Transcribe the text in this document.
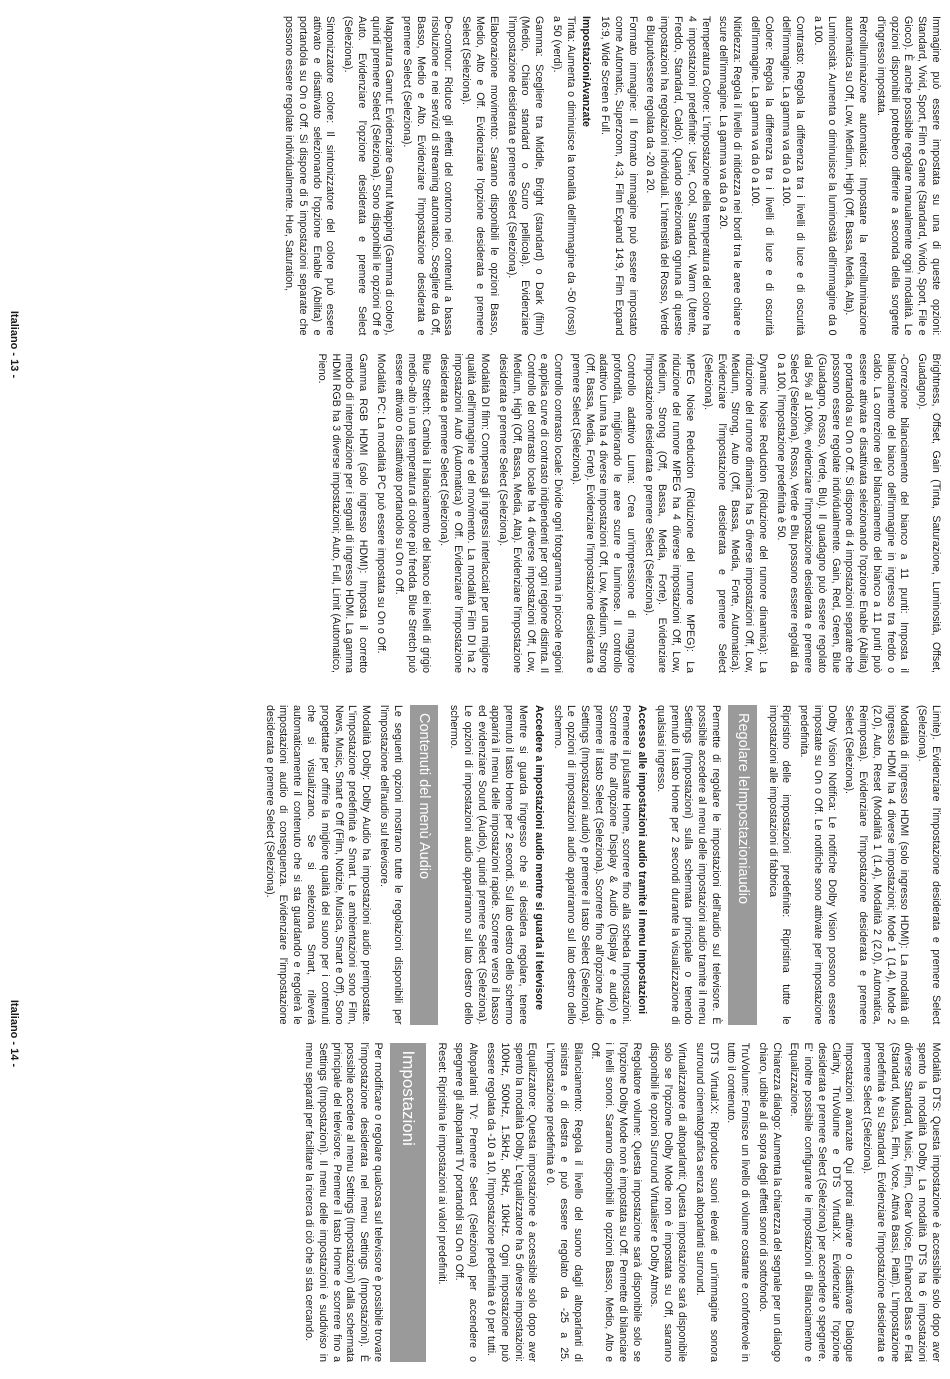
Immagine può essere impostata su una di queste opzioni: Standard, Vivid, Sport, Film e Game (Standard, Vivido, Sport, File e Gioco). È anche possibile regolare manualmente ogni modalità. Le opzioni disponibili potrebbero differire a seconda della sorgente d'ingresso impostata.

Retroilluminazione automatica: Impostare la retroilluminazione automatica su Off, Low, Medium, High (Off, Bassa, Media, Alta).

Luminosità: Aumenta o diminuisce la luminosità dell'immagine da 0 a 100.

Contrasto: Regola la differenza tra i livelli di luce e di oscurità dell'immagine. La gamma va da 0 a 100.

Colore: Regola la differenza tra i livelli di luce e di oscurità dell'immagine. La gamma va da 0 a 100.

Nitidezza: Regola il livello di nitidezza nei bordi tra le aree chiare e scure dell'immagine. La gamma va da 0 a 20.

Temperatura Colore: L'impostazione della temperatura del colore ha 4 impostazioni predefinite: User, Cool, Standard, Warm (Utente, Freddo, Standard, Caldo). Quando selezionata ognuna di queste impostazioni ha regolazioni individuali. L'intensità del Rosso, Verde e Bluputòessere regolata da -20 a 20.

Formato immagine: Il formato immagine può essere impostato come Automatic, Superzoom, 4:3, Film Expand 14:9, Film Expand 16:9, Wide Screen e Full.

ImpostazioniAvanzate

Tinta: Aumenta o diminuisce la tonalità dell'immagine da -50 (rossi) a 50 (verdi).

Gamma: Scegliere tra Middle, Bright (standard) o Dark (film) (Medio, Chiaro standard o Scuro pellicola). Evidenziare l'impostazione desiderata e premere Select (Seleziona).

Elaborazione movimento: Saranno disponibili le opzioni Basso, Medio, Alto e Off. Evidenziare l'opzione desiderata e premere Select (Seleziona).

De-contour: Riduce gli effetti del contorno nei contenuti a bassa risoluzione e nei servizi di streaming automatico. Scegliere da Off, Basso, Medio e Alto. Evidenziare l'impostazione desiderata e premere Select (Seleziona).

Mappatura Gamut: Evidenziare Gamut Mapping (Gamma di colore), quindi premere Select (Seleziona). Sono disponibili le opzioni Off e Auto. Evidenziare l'opzione desiderata e premere Select (Seleziona).

Sintonizzatore colore: Il sintonizzatore del colore può essere attivato e disattivato selezionando l'opzione Enable (Abilita) e portandola su On o Off. Si dispone di 5 impostazioni separate che possono essere regolate individualmente. Hue, Saturation,

Brightness, Offset, Gain (Tinta, Saturazione, Luminosità, Offset, Guadagno).

-Correzione bilanciamento del bianco a 11 punti: Imposta il bilanciamento del bianco dell'immagine in ingresso tra freddo o caldo. La correzione del bilanciamento del bianco a 11 punti può essere attivata e disattivata selezionando l'opzione Enable (Abilita) e portandola su On o Off. Si dispone di 4 impostazioni separate che possono essere regolate individualmente. Gain, Red, Green, Blue (Guadagno, Rosso, Verde, Blu). Il guadagno può essere regolato dal 5% al 100%, evidenziare l'impostazione desiderata e premere Select (Seleziona). Rosso, Verde e Blu possono essere regolati da 0 a 100, l'impostazione predefinita è 50.

Dynamic Noise Reduction (Riduzione del rumore dinamica): La riduzione del rumore dinamica ha 5 diverse impostazioni Off, Low, Medium, Strong, Auto (Off, Bassa, Media, Forte, Automatica). Evidenziare l'impostazione desiderata e premere Select (Seleziona).

MPEG Noise Reduction (Riduzione del rumore MPEG): La riduzione del rumore MPEG ha 4 diverse impostazioni Off, Low, Medium, Strong (Off, Bassa, Media, Forte). Evidenziare l'impostazione desiderata e premere Select (Seleziona).

Controllo adattivo Luma: Crea un'impressione di maggiore profondità, migliorando le aree scure e luminose. Il controllo adattivo Luma ha 4 diverse impostazioni Off, Low, Medium, Strong (Off, Bassa, Media, Forte). Evidenziare l'impostazione desiderata e premere Select (Seleziona).

Controllo contrasto locale: Divide ogni fotogramma in piccole regioni e applica curve di contrasto indipendenti per ogni regione distinta. Il Controllo del contrasto locale ha 4 diverse impostazioni Off, Low, Medium, High (Off, Bassa, Media, Alta). Evidenziare l'impostazione desiderata e premere Select (Seleziona).

Modalità DI film: Compensa gli ingressi interlacciati per una migliore qualità dell'immagine e del movimento. La modalità Film DI ha 2 impostazioni Auto (Automatica) e Off. Evidenziare l'impostazione desiderata e premere Select (Seleziona).

Blue Stretch: Cambia il bilanciamento del bianco dei livelli di grigio medio-alto in una temperatura di colore più fredda. Blue Stretch può essere attivato o disattivato portandolo su On o Off.

Modalità PC: La modalità PC può essere impostata su On o Off.

Gamma RGB HDMI (solo ingresso HDMI): Imposta il corretto metodo di interpolazione per i segnali di ingresso HDMI. La gamma HDMI RGB ha 3 diverse impostazioni; Auto, Full, Limit (Automatico, Pieno.

Italiano - 13 -

Limite). Evidenziare l'impostazione desiderata e premere Select (Seleziona).

Modalità di ingresso HDMI (solo ingresso HDMI): La modalità di ingresso HDMI ha 4 diverse impostazioni; Mode 1 (1.4), Mode 2 (2.0), Auto, Reset (Modalità 1 (1.4), Modalità 2 (2.0), Automatica, Reimposta). Evidenziare l'impostazione desiderata e premere Select (Seleziona).

Dolby Vision Notifica: Le notifiche Dolby Vision possono essere impostate su On o Off. Le notifiche sono attivate per impostazione predefinita.

Ripristino delle impostazioni predefinite: Ripristina tutte le impostazioni alle impostazioni di fabbrica

Regolare leImpostazioniaudio

Permette di regolare le impostazioni dell'audio sul televisore. È possibile accedere al menu delle impostazioni audio tramite il menu Settings (Impostazioni) sulla schermata principale o tenendo premuto il tasto Home per 2 secondi durante la visualizzazione di qualsiasi ingresso.

Accesso alle impostazioni audio tramite il menu Impostazioni

Premere il pulsante Home, scorrere fino alla scheda Impostazioni. Scorrere fino all'opzione Display & Audio (Display e audio) e premere il tasto Select (Seleziona). Scorrere fino all'opzione Audio Settings (Impostazioni audio) e premere il tasto Select (Seleziona). Le opzioni di impostazioni audio appariranno sul lato destro dello schermo.

Accedere a impostazioni audio mentre si guarda il televisore

Mentre si guarda l'ingresso che si desidera regolare, tenere premuto il tasto Home per 2 secondi. Sul lato destro dello schermo apparirà il menu delle impostazioni rapide. Scorrere verso il basso ed evidenziare Sound (Audio), quindi premere Select (Seleziona). Le opzioni di impostazioni audio appariranno sul lato destro dello schermo.

Contenuti del menù Audio

Le seguenti opzioni mostrano tutte le regolazioni disponibili per l'impostazione dell'audio sul televisore.

Modalità Dolby: Dolby Audio ha impostazioni audio preimpostate. L'impostazione predefinita è Smart. Le ambientazioni sono Film, News, Music, Smart e Off (Film, Notizie, Musica, Smart e Off). Sono progettate per offrire la migliore qualità del suono per i contenuti che si visualizzano. Se si seleziona Smart, rileverà automaticamente il contenuto che si sta guardando e regolerà le impostazioni audio di conseguenza. Evidenziare l'impostazione desiderata e premere Select (Seleziona).

Modalità DTS: Questa impostazione è accessibile solo dopo aver spento la modalità Dolby. La modalità DTS ha 6 impostazioni diverse Standard, Music, Film, Clear Voice, Enhanced Bass e Flat (Standard, Musica, Film, Voce, Attiva Bassi, Piatti). L'impostazione predefinita è su Standard. Evidenziare l'impostazione desiderata e premere Select (Seleziona).

Impostazioni avanzate Qui potrai attivare o disattivare Dialogue Clarity, TruVolume e DTS Virtual:X. Evidenziare l'opzione desiderata e premere Select (Seleziona) per accendere o spegnere. E' inoltre possibile configurare le impostazioni di Bilanciamento e Equalizzazione.

Chiarezza dialogo: Aumenta la chiarezza del segnale per un dialogo chiaro, udibile al di sopra degli effetti sonori di sottofondo.

TruVolume: Fornisce un livello di volume costante e confortevole in tutto il contenuto.

DTS Virtual:X: Riproduce suoni elevati e un'immagine sonora surround cinematografica senza altoparlanti surround.

Virtualizzatore di altoparlanti: Questa impostazione sarà disponibile solo se l'opzione Dolby Mode non è impostata su Off, saranno disponibili le opzioni Surround Virtualiser e Dolby Atmos.

Regolatore volume: Questa impostazione sarà disponibile solo se l'opzione Dolby Mode non è impostata su Off. Permette di bilanciare i livelli sonori. Saranno disponibili le opzioni Basso, Medio, Alto e Off.

Bilanciamento: Regola il livello del suono dagli altoparlanti di sinistra e di destra e può essere regolato da -25 a 25. L'impostazione predefinita è 0.

Equalizzatore: Questa impostazione è accessibile solo dopo aver spento la modalità Dolby. L'equalizzatore ha 5 diverse impostazioni: 100Hz, 500Hz, 1.5kHz, 5kHz, 10kHz. Ogni impostazione può essere regolata da -10 a 10, l'impostazione predefinita è 0 per tutti.

Altoparlanti TV: Premere Select (Seleziona) per accendere o spegnere gli altoparlanti TV portandoli su On o Off.

Reset: Ripristina le impostazioni ai valori predefiniti.

Impostazioni

Per modificare o regolare qualcosa sul televisore è possibile trovare l'impostazione desiderata nel menu Settings (Impostazioni). È possibile accedere al menu Settings (Impostazioni) dalla schermata principale del televisore. Premere il tasto Home e scorrere fino a Settings (Impostazioni). Il menu delle impostazioni è suddiviso in menu separati per facilitare la ricerca di ciò che si sta cercando.

Italiano - 14 -
